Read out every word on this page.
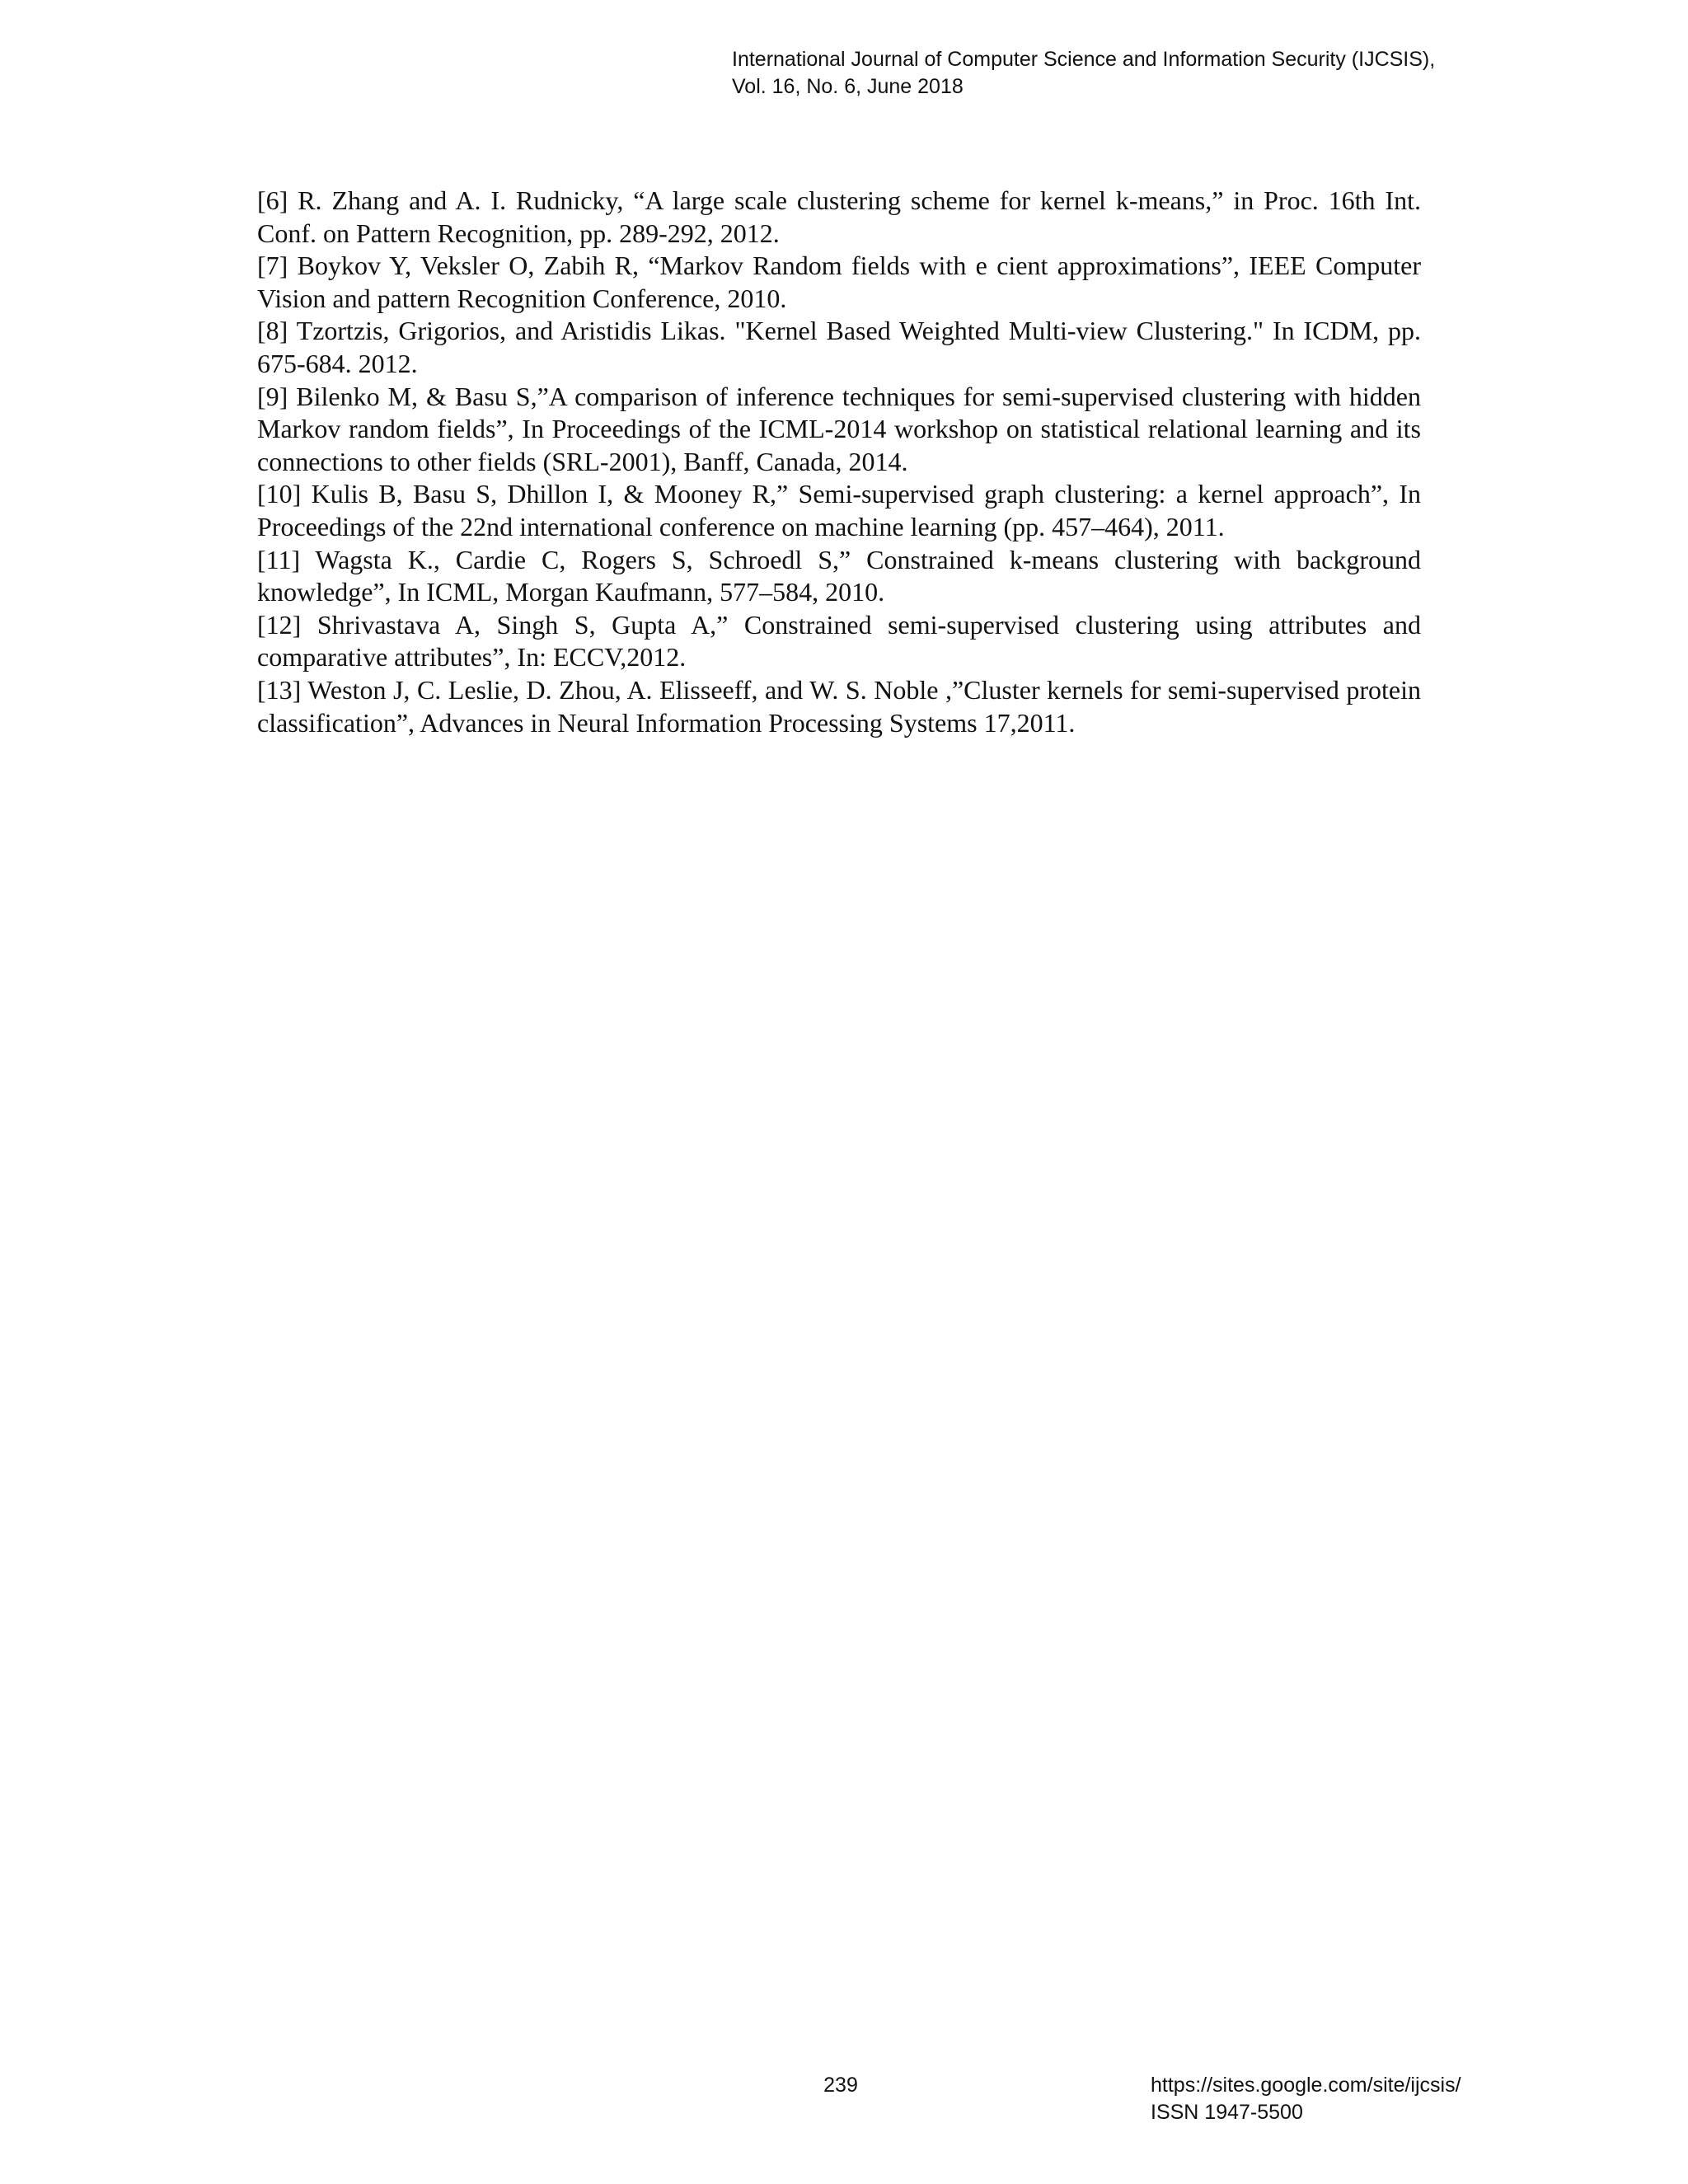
International Journal of Computer Science and Information Security (IJCSIS),
Vol. 16, No. 6, June 2018

[6] R. Zhang and A. I. Rudnicky, “A large scale clustering scheme for kernel k-means,” in Proc. 16th Int. Conf. on Pattern Recognition, pp. 289-292, 2012.

[7] Boykov Y, Veksler O, Zabih R, “Markov Random fields with e cient approximations”, IEEE Computer Vision and pattern Recognition Conference, 2010.

[8] Tzortzis, Grigorios, and Aristidis Likas. "Kernel Based Weighted Multi-view Clustering." In ICDM, pp. 675-684. 2012.

[9] Bilenko M, & Basu S,”A comparison of inference techniques for semi-supervised clustering with hidden Markov random fields”, In Proceedings of the ICML-2014 workshop on statistical relational learning and its connections to other fields (SRL-2001), Banff, Canada, 2014.

[10] Kulis B, Basu S, Dhillon I, & Mooney R,” Semi-supervised graph clustering: a kernel approach”, In Proceedings of the 22nd international conference on machine learning (pp. 457–464), 2011.

[11] Wagsta K., Cardie C, Rogers S, Schroedl S,” Constrained k-means clustering with background knowledge”, In ICML, Morgan Kaufmann, 577–584, 2010.

[12] Shrivastava A, Singh S, Gupta A,” Constrained semi-supervised clustering using attributes and comparative attributes”, In: ECCV,2012.

[13] Weston J, C. Leslie, D. Zhou, A. Elisseeff, and W. S. Noble ,”Cluster kernels for semi-supervised protein classification”, Advances in Neural Information Processing Systems 17,2011.

239	https://sites.google.com/site/ijcsis/
ISSN 1947-5500
